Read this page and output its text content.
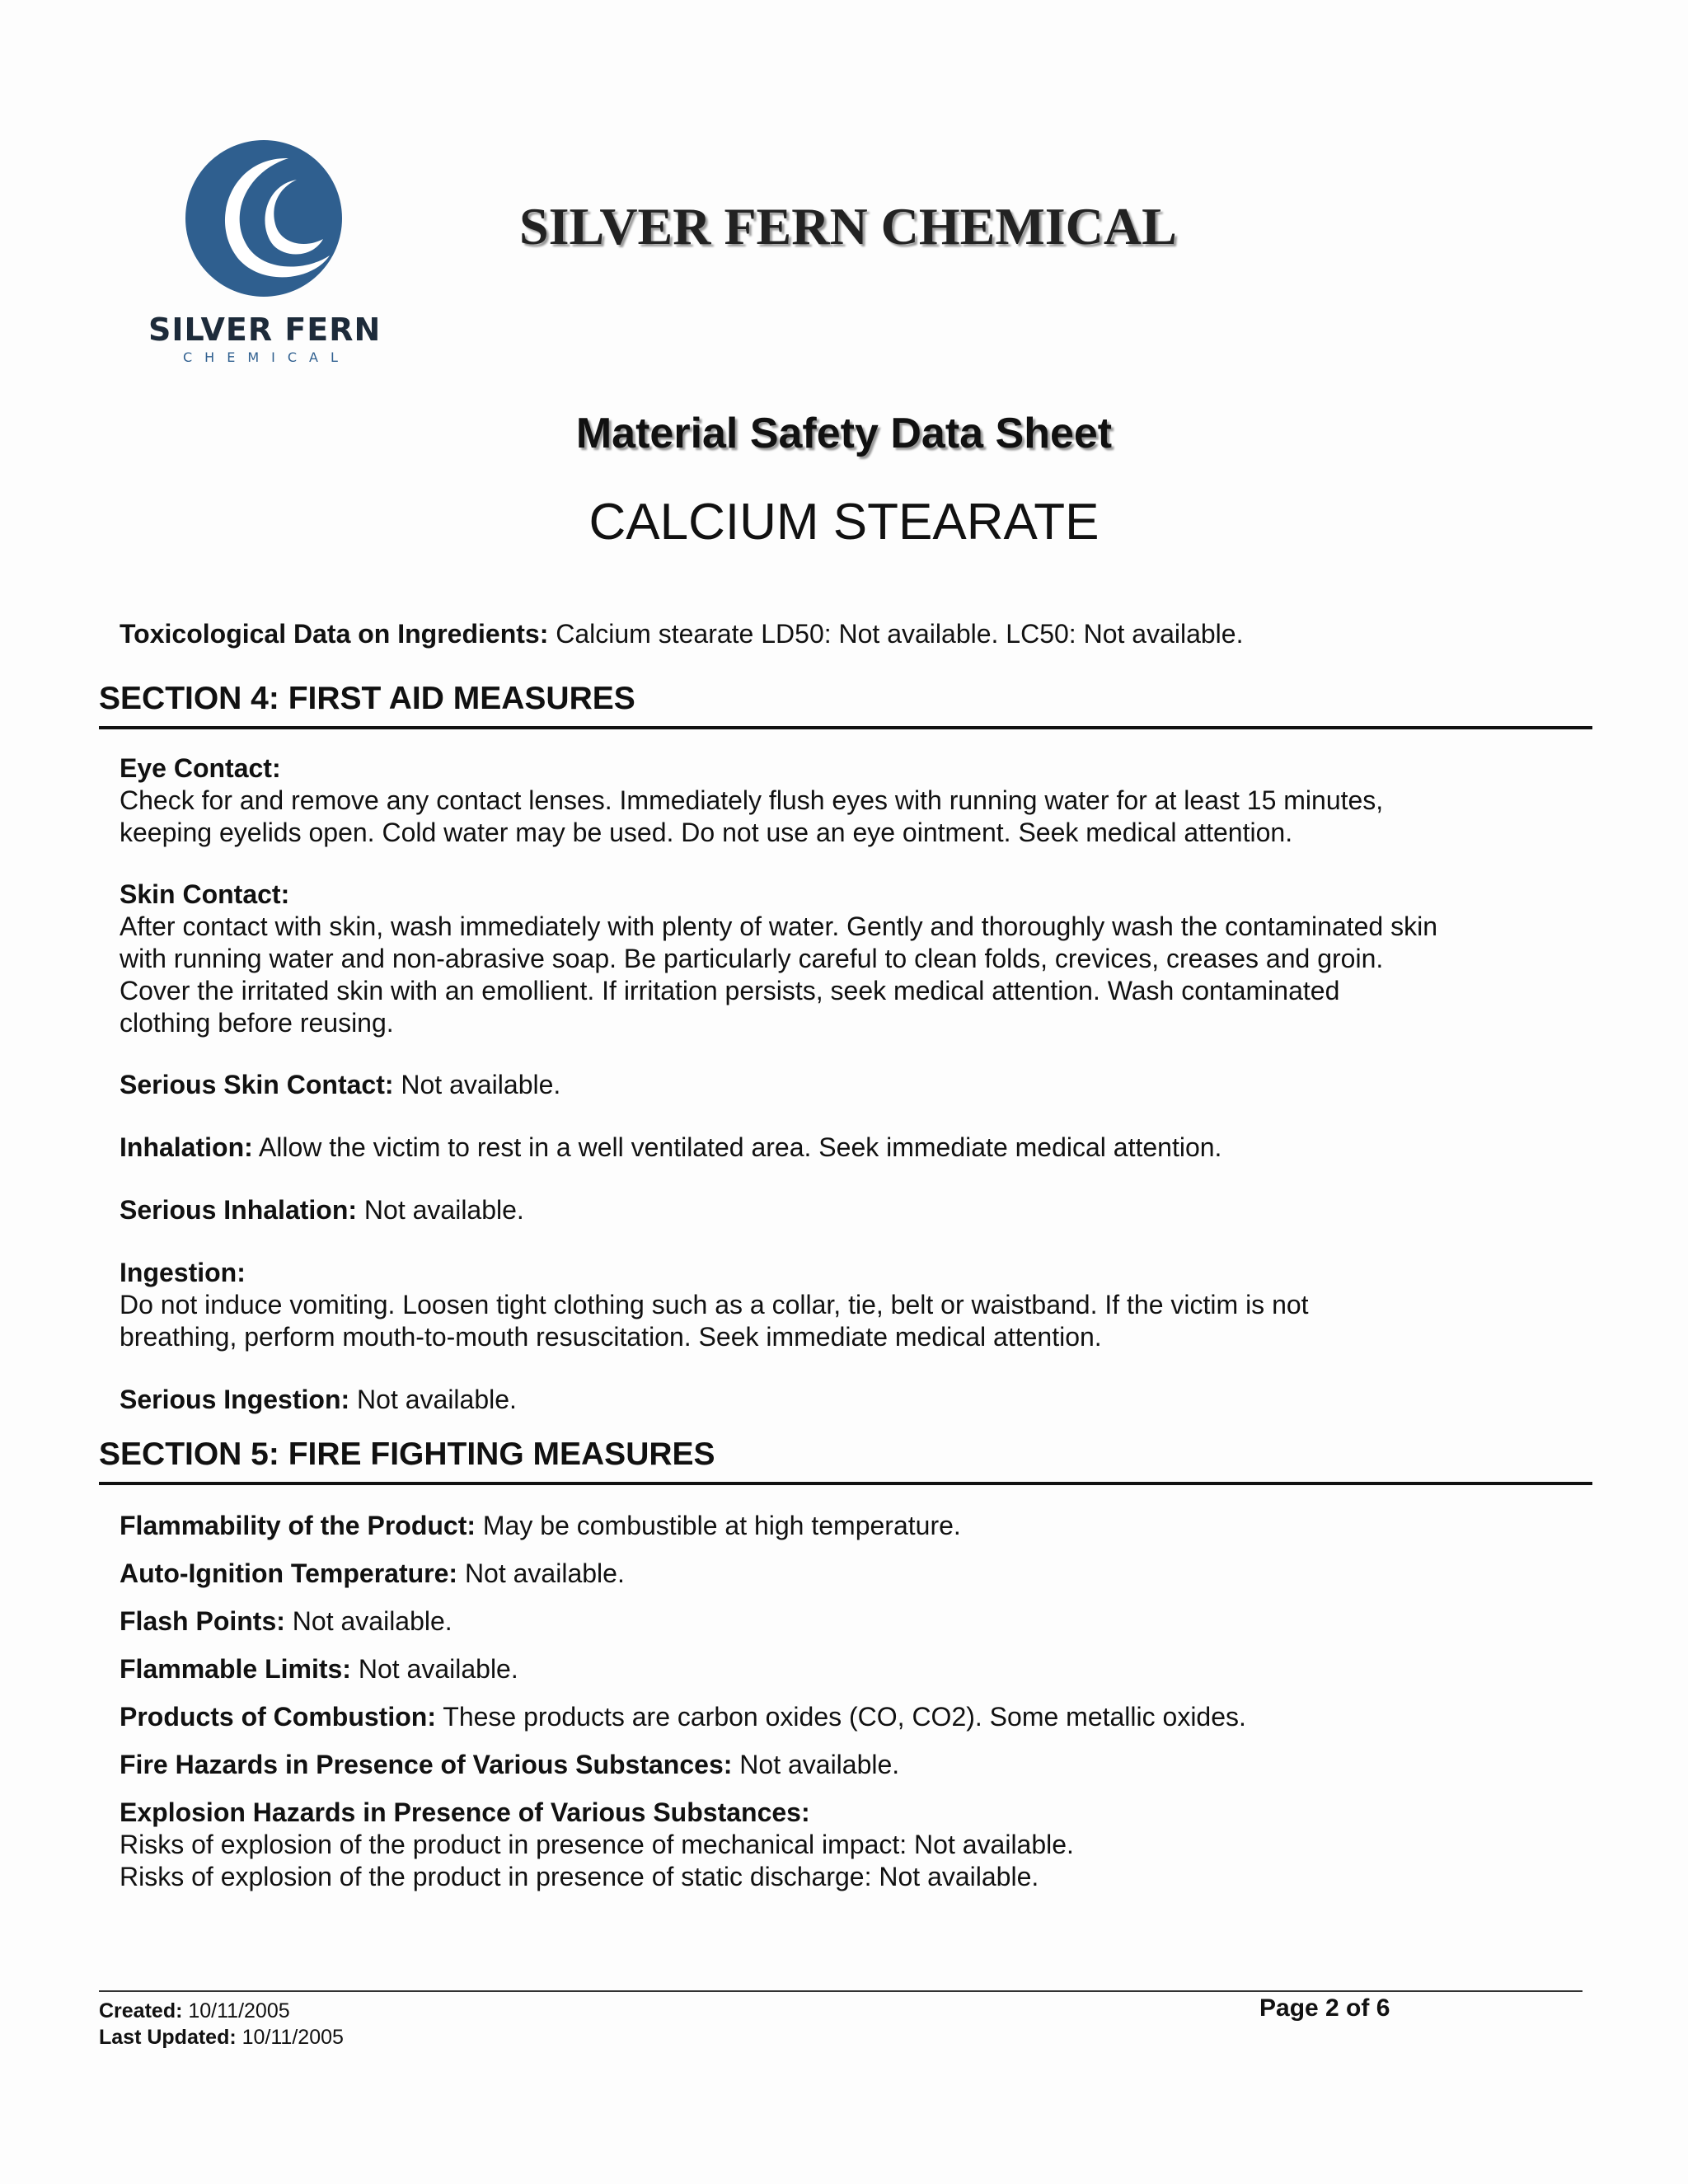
SILVER FERN
CHEMICAL
SILVER FERN CHEMICAL
Material Safety Data Sheet
CALCIUM STEARATE
Toxicological Data on Ingredients: Calcium stearate LD50: Not available. LC50: Not available.
SECTION 4: FIRST AID MEASURES
Eye Contact:
Check for and remove any contact lenses. Immediately flush eyes with running water for at least 15 minutes,
keeping eyelids open. Cold water may be used. Do not use an eye ointment. Seek medical attention.
Skin Contact:
After contact with skin, wash immediately with plenty of water. Gently and thoroughly wash the contaminated skin
with running water and non-abrasive soap. Be particularly careful to clean folds, crevices, creases and groin.
Cover the irritated skin with an emollient. If irritation persists, seek medical attention. Wash contaminated
clothing before reusing.
Serious Skin Contact: Not available.
Inhalation: Allow the victim to rest in a well ventilated area. Seek immediate medical attention.
Serious Inhalation: Not available.
Ingestion:
Do not induce vomiting. Loosen tight clothing such as a collar, tie, belt or waistband. If the victim is not
breathing, perform mouth-to-mouth resuscitation. Seek immediate medical attention.
Serious Ingestion: Not available.
SECTION 5: FIRE FIGHTING MEASURES
Flammability of the Product: May be combustible at high temperature.
Auto-Ignition Temperature: Not available.
Flash Points: Not available.
Flammable Limits: Not available.
Products of Combustion: These products are carbon oxides (CO, CO2). Some metallic oxides.
Fire Hazards in Presence of Various Substances: Not available.
Explosion Hazards in Presence of Various Substances:
Risks of explosion of the product in presence of mechanical impact: Not available.
Risks of explosion of the product in presence of static discharge: Not available.
Created: 10/11/2005
Last Updated: 10/11/2005
Page 2 of 6
